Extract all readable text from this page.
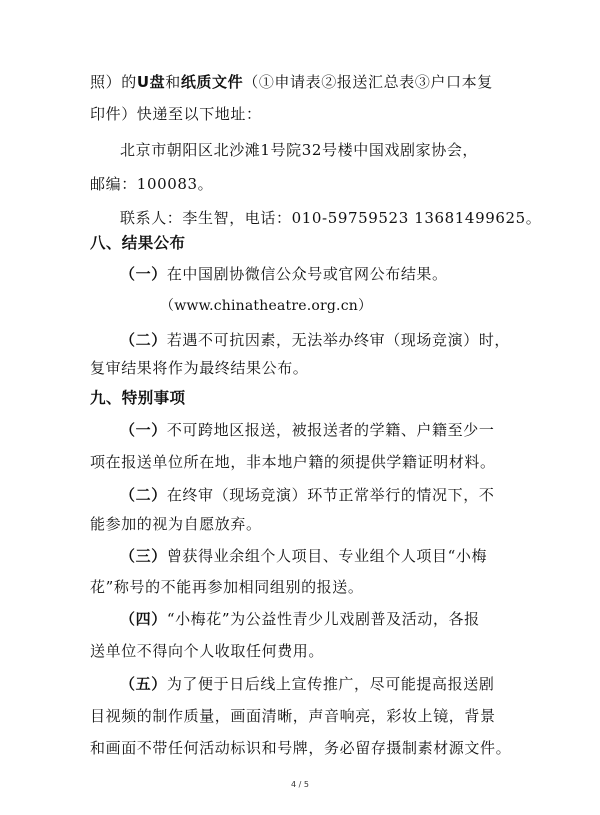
照）的U盘和纸质文件（①申请表②报送汇总表③户口本复
印件）快递至以下地址：
北京市朝阳区北沙滩1号院32号楼中国戏剧家协会，
邮编：100083。
联系人：李生智，电话：010-59759523 13681499625。
八、结果公布
（一）在中国剧协微信公众号或官网公布结果。
（www.chinatheatre.org.cn）
（二）若遇不可抗因素，无法举办终审（现场竞演）时，
复审结果将作为最终结果公布。
九、特别事项
（一）不可跨地区报送，被报送者的学籍、户籍至少一
项在报送单位所在地，非本地户籍的须提供学籍证明材料。
（二）在终审（现场竞演）环节正常举行的情况下，不
能参加的视为自愿放弃。
（三）曾获得业余组个人项目、专业组个人项目“小梅
花”称号的不能再参加相同组别的报送。
（四）“小梅花”为公益性青少儿戏剧普及活动，各报
送单位不得向个人收取任何费用。
（五）为了便于日后线上宣传推广，尽可能提高报送剧
目视频的制作质量，画面清晰，声音响亮，彩妆上镜，背景
和画面不带任何活动标识和号牌，务必留存摄制素材源文件。
4 / 5
